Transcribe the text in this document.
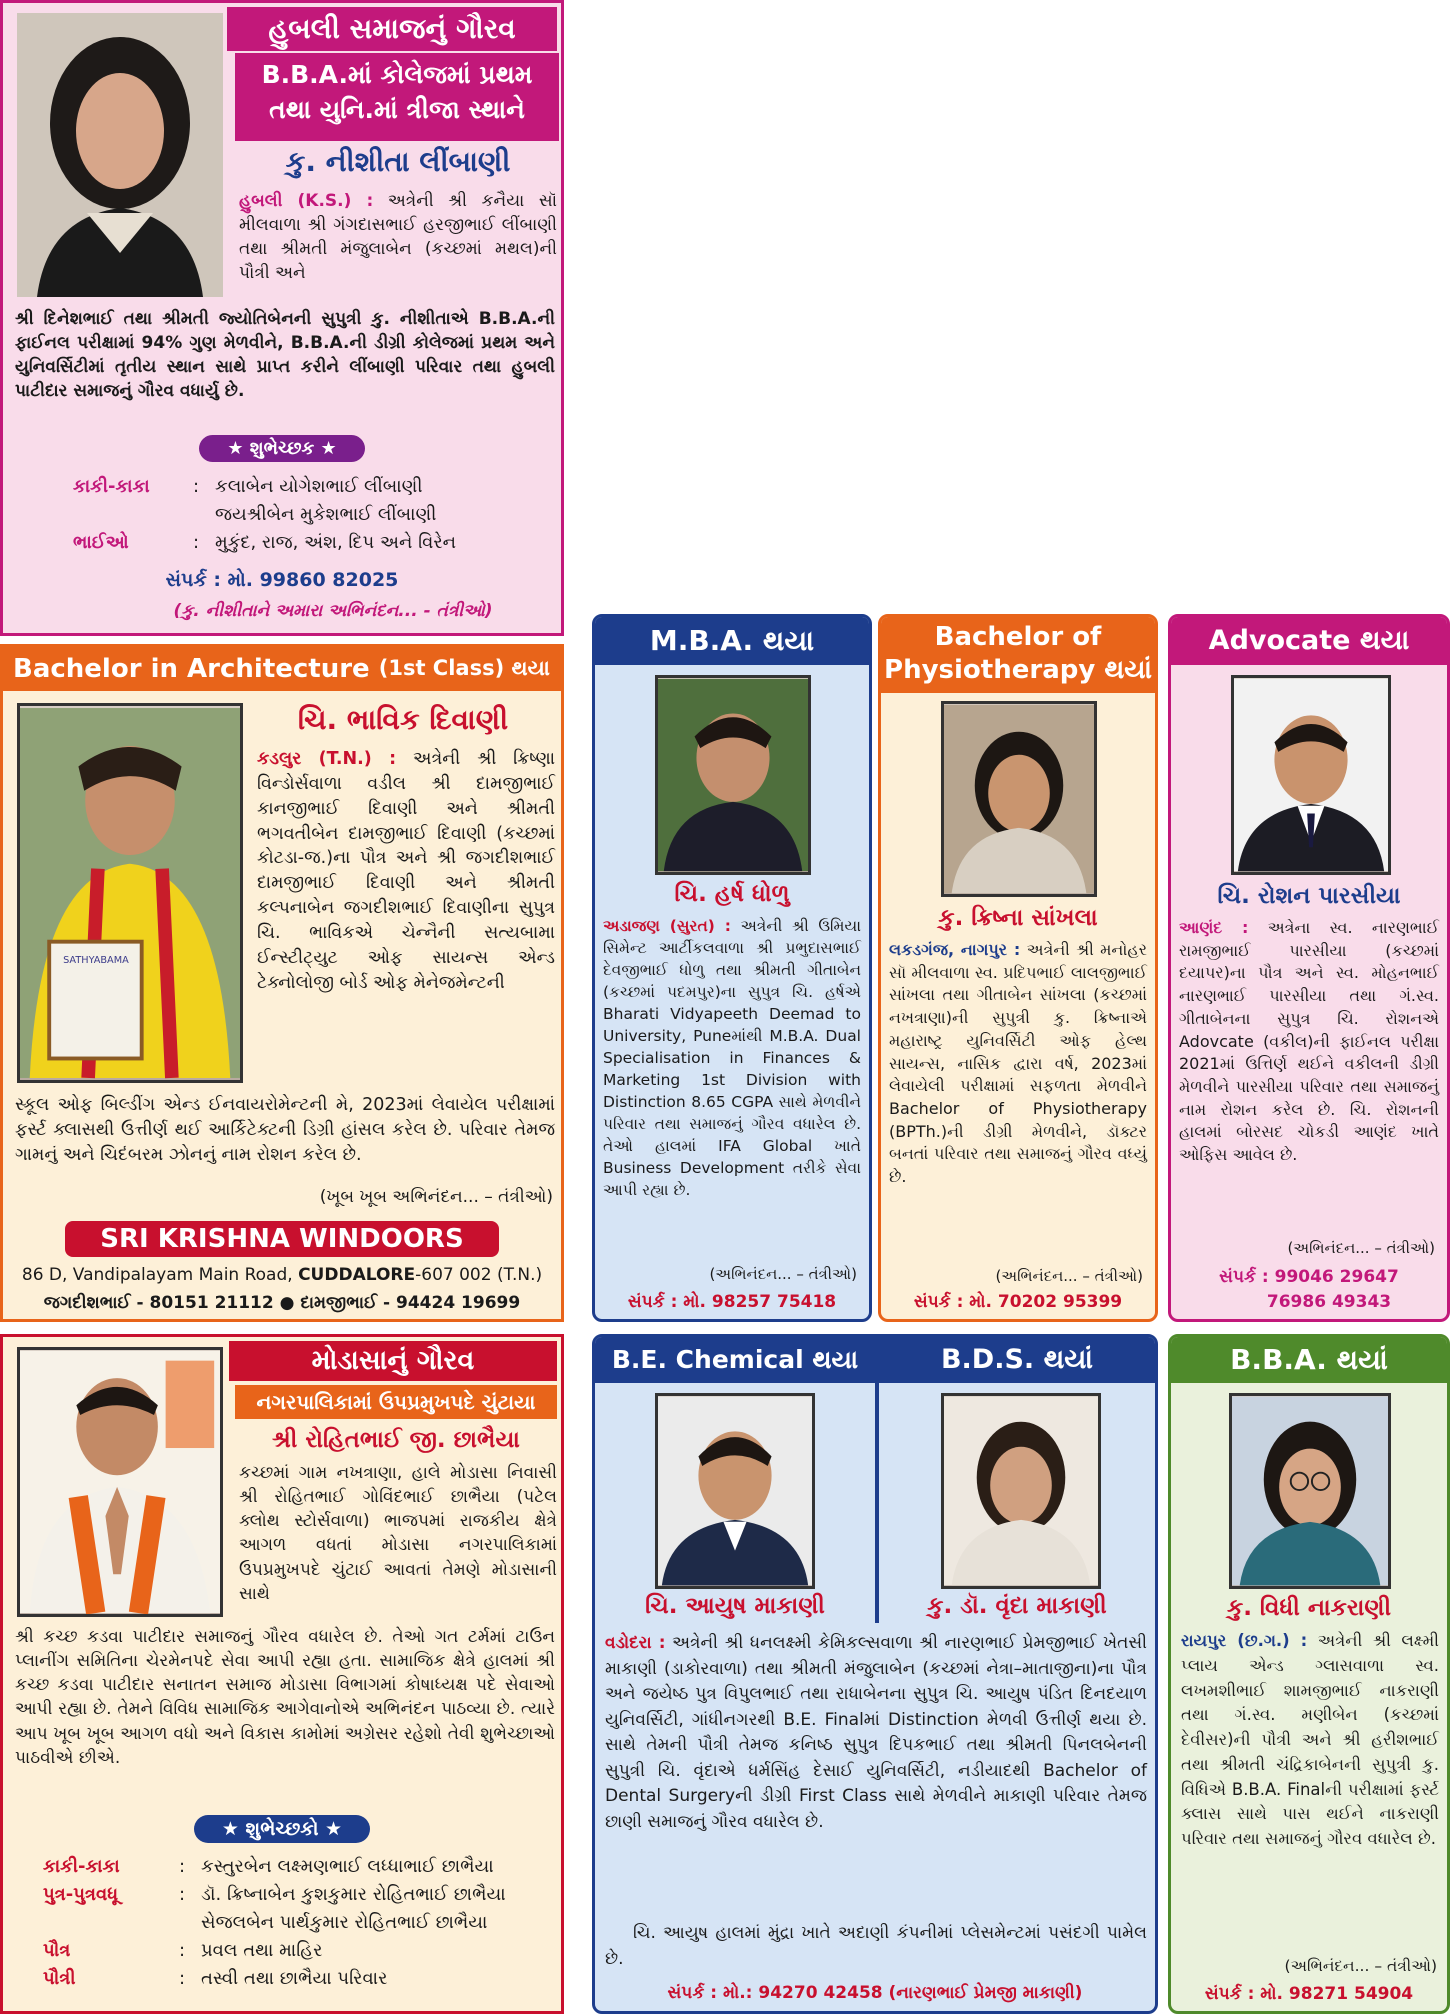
હુબલી સમાજનું ગૌરવ
B.B.A.માં કોલેજમાં પ્રથમ
તથા યુનિ.માં ત્રીજા સ્થાને
કુ. નીશીતા લીંબાણી
હુબલી (K.S.) : અત્રેની શ્રી કનૈયા સૉ મીલવાળા શ્રી ગંગદાસભાઈ હરજીભાઈ લીંબાણી તથા શ્રીમતી મંજુલાબેન (કચ્છમાં મથલ)ની પૌત્રી અને
શ્રી દિનેશભાઈ તથા શ્રીમતી જ્યોતિબેનની સુપુત્રી કુ. નીશીતાએ B.B.A.ની ફાઈનલ પરીક્ષામાં 94% ગુણ મેળવીને, B.B.A.ની ડીગ્રી કોલેજમાં પ્રથમ અને યુનિવર્સિટીમાં તૃતીય સ્થાન સાથે પ્રાપ્ત કરીને લીંબાણી પરિવાર તથા હુબલી પાટીદાર સમાજનું ગૌરવ વધાર્યુ છે.
★ શુભેચ્છક ★
કાકી-કાકા	: કલાબેન યોગેશભાઈ લીંબાણી
જયશ્રીબેન મુકેશભાઈ લીંબાણી
ભાઈઓ	: મુકુંદ, રાજ, અંશ, દિપ અને વિરેન
સંપર્ક : મો. 99860 82025
(કુ. નીશીતાને અમારા અભિનંદન... - તંત્રીઓ)
Bachelor in Architecture
(1st Class) થયા
SATHYABAMA
ચિ. ભાવિક દિવાણી
કડલુર (T.N.) : અત્રેની શ્રી ક્રિષ્ણા વિન્ડોર્સવાળા વડીલ શ્રી દામજીભાઈ કાનજીભાઈ દિવાણી અને શ્રીમતી ભગવતીબેન દામજીભાઈ દિવાણી (કચ્છમાં કોટડા-જ.)ના પૌત્ર અને શ્રી જગદીશભાઈ દામજીભાઈ દિવાણી અને શ્રીમતી કલ્પનાબેન જગદીશભાઈ દિવાણીના સુપુત્ર ચિ. ભાવિકએ ચેન્નૈની સત્યબામા ઈન્સ્ટીટ્યુટ ઓફ સાયન્સ એન્ડ ટેક્નોલોજી બોર્ડ ઓફ મેનેજમેન્ટની
સ્કૂલ ઓફ બિલ્ડીંગ એન્ડ ઈનવાયરોમેન્ટની મે, 2023માં લેવાયેલ પરીક્ષામાં ફર્સ્ટ ક્લાસથી ઉત્તીર્ણ થઈ આર્કિટેક્ટની ડિગ્રી હાંસલ કરેલ છે. પરિવાર તેમજ ગામનું અને ચિદંબરમ ઝોનનું નામ રોશન કરેલ છે.
(ખૂબ ખૂબ અભિનંદન... – તંત્રીઓ)
SRI KRISHNA WINDOORS
86 D, Vandipalayam Main Road, CUDDALORE-607 002 (T.N.)
જગદીશભાઈ - 80151 21112 ● દામજીભાઈ - 94424 19699
M.B.A. થયા
ચિ. હર્ષ ધોળુ
અડાજણ (સુરત) : અત્રેની શ્રી ઉમિયા સિમેન્ટ આર્ટીકલવાળા શ્રી પ્રભુદાસભાઈ દેવજીભાઈ ધોળુ તથા શ્રીમતી ગીતાબેન (કચ્છમાં પદમપુર)ના સુપુત્ર ચિ. હર્ષએ Bharati Vidyapeeth Deemad to University, Puneમાંથી M.B.A. Dual Specialisation in Finances & Marketing 1st Division with Distinction 8.65 CGPA સાથે મેળવીને પરિવાર તથા સમાજનું ગૌરવ વધારેલ છે. તેઓ હાલમાં IFA Global ખાતે Business Development તરીકે સેવા આપી રહ્યા છે.
(અભિનંદન... – તંત્રીઓ)
સંપર્ક : મો. 98257 75418
Bachelor of
Physiotherapy થયાં
કુ. ક્રિષ્ના સાંખલા
લકડગંજ, નાગપુર : અત્રેની શ્રી મનોહર સૉ મીલવાળા સ્વ. પ્રદિપભાઈ લાલજીભાઈ સાંખલા તથા ગીતાબેન સાંખલા (કચ્છમાં નખત્રાણા)ની સુપુત્રી કુ. ક્રિષ્નાએ મહારાષ્ટ્ર યુનિવર્સિટી ઓફ હેલ્થ સાયન્સ, નાસિક દ્વારા વર્ષ, 2023માં લેવાયેલી પરીક્ષામાં સફળતા મેળવીને Bachelor of Physiotherapy (BPTh.)ની ડીગ્રી મેળવીને, ડૉક્ટર બનતાં પરિવાર તથા સમાજનું ગૌરવ વધ્યું છે.
(અભિનંદન... – તંત્રીઓ)
સંપર્ક : મો. 70202 95399
Advocate થયા
ચિ. રોશન પારસીયા
આણંદ : અત્રેના સ્વ. નારણભાઈ રામજીભાઈ પારસીયા (કચ્છમાં દયાપર)ના પૌત્ર અને સ્વ. મોહનભાઈ નારણભાઈ પારસીયા તથા ગં.સ્વ. ગીતાબેનના સુપુત્ર ચિ. રોશનએ Adovcate (વકીલ)ની ફાઈનલ પરીક્ષા 2021માં ઉત્તિર્ણ થઈને વકીલની ડીગ્રી મેળવીને પારસીયા પરિવાર તથા સમાજનું નામ રોશન કરેલ છે. ચિ. રોશનની હાલમાં બોરસદ ચોકડી આણંદ ખાતે ઓફિસ આવેલ છે.
(અભિનંદન... – તંત્રીઓ)
સંપર્ક : 99046 29647
76986 49343
મોડાસાનું ગૌરવ
નગરપાલિકામાં ઉપપ્રમુખપદે ચુંટાયા
શ્રી રોહિતભાઈ જી. છાભૈયા
કચ્છમાં ગામ નખત્રાણા, હાલે મોડાસા નિવાસી શ્રી રોહિતભાઈ ગોવિંદભાઈ છાભૈયા (પટેલ ક્લોથ સ્ટોર્સવાળા) ભાજપમાં રાજકીય ક્ષેત્રે આગળ વધતાં મોડાસા નગરપાલિકામાં ઉપપ્રમુખપદે ચુંટાઈ આવતાં તેમણે મોડાસાની સાથે
શ્રી કચ્છ કડવા પાટીદાર સમાજનું ગૌરવ વધારેલ છે. તેઓ ગત ટર્મમાં ટાઉન પ્લાનીંગ સમિતિના ચેરમેનપદે સેવા આપી રહ્યા હતા. સામાજિક ક્ષેત્રે હાલમાં શ્રી કચ્છ કડવા પાટીદાર સનાતન સમાજ મોડાસા વિભાગમાં કોષાધ્યક્ષ પદે સેવાઓ આપી રહ્યા છે. તેમને વિવિધ સામાજિક આગેવાનોએ અભિનંદન પાઠવ્યા છે. ત્યારે આપ ખૂબ ખૂબ આગળ વધો અને વિકાસ કામોમાં અગ્રેસર રહેશો તેવી શુભેચ્છાઓ પાઠવીએ છીએ.
★ શુભેચ્છકો ★
કાકી-કાકા	: કસ્તુરબેન લક્ષ્મણભાઈ લધ્ધાભાઈ છાભૈયા
પુત્ર-પુત્રવધૂ	: ડૉ. ક્રિષ્નાબેન કુશકુમાર રોહિતભાઈ છાભૈયા
સેજલબેન પાર્થકુમાર રોહિતભાઈ છાભૈયા
પૌત્ર	: પ્રવલ તથા માહિર
પૌત્રી	: તસ્વી તથા છાભૈયા પરિવાર
B.E. Chemical થયા	B.D.S. થયાં
ચિ. આયુષ માકાણી	કુ. ડૉ. વૃંદા માકાણી
વડોદરા : અત્રેની શ્રી ધનલક્ષ્મી કેમિકલ્સવાળા શ્રી નારણભાઈ પ્રેમજીભાઈ ખેતસી માકાણી (ડાકોરવાળા) તથા શ્રીમતી મંજુલાબેન (કચ્છમાં નેત્રા–માતાજીના)ના પૌત્ર અને જયેષ્ઠ પુત્ર વિપુલભાઈ તથા રાધાબેનના સુપુત્ર ચિ. આયુષ પંડિત દિનદયાળ યુનિવર્સિટી, ગાંધીનગરથી B.E. Finalમાં Distinction મેળવી ઉત્તીર્ણ થયા છે. સાથે તેમની પૌત્રી તેમજ કનિષ્ઠ સુપુત્ર દિપકભાઈ તથા શ્રીમતી પિનલબેનની સુપુત્રી ચિ. વૃંદાએ ધર્મસિંહ દેસાઈ યુનિવર્સિટી, નડીયાદથી Bachelor of Dental Surgeryની ડીગ્રી First Class સાથે મેળવીને માકાણી પરિવાર તેમજ છાણી સમાજનું ગૌરવ વધારેલ છે.
ચિ. આયુષ હાલમાં મુંદ્રા ખાતે અદાણી કંપનીમાં પ્લેસમેન્ટમાં પસંદગી પામેલ છે.
સંપર્ક : મો.: 94270 42458 (નારણભાઈ પ્રેમજી માકાણી)
B.B.A. થયાં
કુ. વિધી નાકરાણી
રાયપુર (છ.ગ.) : અત્રેની શ્રી લક્ષ્મી પ્લાય એન્ડ ગ્લાસવાળા સ્વ. લખમશીભાઈ શામજીભાઈ નાકરાણી તથા ગં.સ્વ. મણીબેન (કચ્છમાં દેવીસર)ની પૌત્રી અને શ્રી હરીશભાઈ તથા શ્રીમતી ચંદ્રિકાબેનની સુપુત્રી કુ. વિધિએ B.B.A. Finalની પરીક્ષામાં ફર્સ્ટ ક્લાસ સાથે પાસ થઈને નાકરાણી પરિવાર તથા સમાજનું ગૌરવ વધારેલ છે.
(અભિનંદન... – તંત્રીઓ)
સંપર્ક : મો. 98271 54904
